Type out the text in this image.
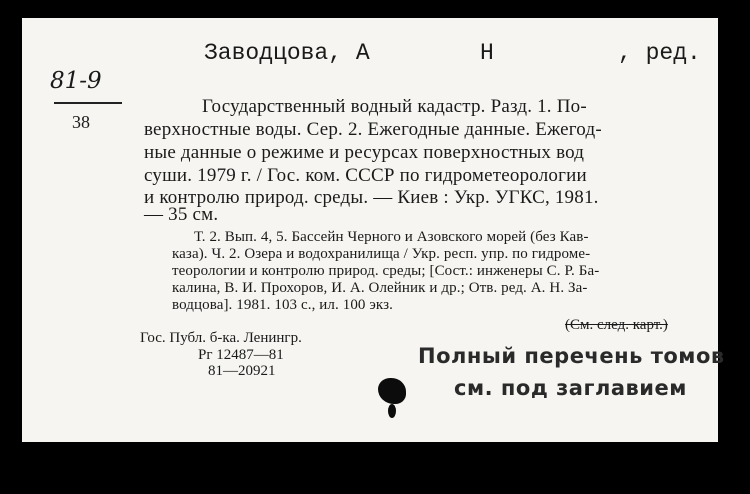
Заводцова, А	Н	, ред.
81-9
38
Государственный водный кадастр. Разд. 1. По-
верхностные воды. Сер. 2. Ежегодные данные. Ежегод-
ные данные о режиме и ресурсах поверхностных вод
суши. 1979 г. / Гос. ком. СССР по гидрометеорологии
и контролю природ. среды. — Киев : Укр. УГКС, 1981.
— 35 см.
Т. 2. Вып. 4, 5. Бассейн Черного и Азовского морей (без Кав-
каза). Ч. 2. Озера и водохранилища / Укр. респ. упр. по гидроме-
теорологии и контролю природ. среды; [Сост.: инженеры С. Р. Ба-
калина, В. И. Прохоров, И. А. Олейник и др.; Отв. ред. А. Н. За-
водцова]. 1981. 103 с., ил. 100 экз.
(См. след. карт.)
Гос. Публ. б-ка. Ленингр.
Рг 12487—81
81—20921
Полный перечень томов
см. под заглавием
